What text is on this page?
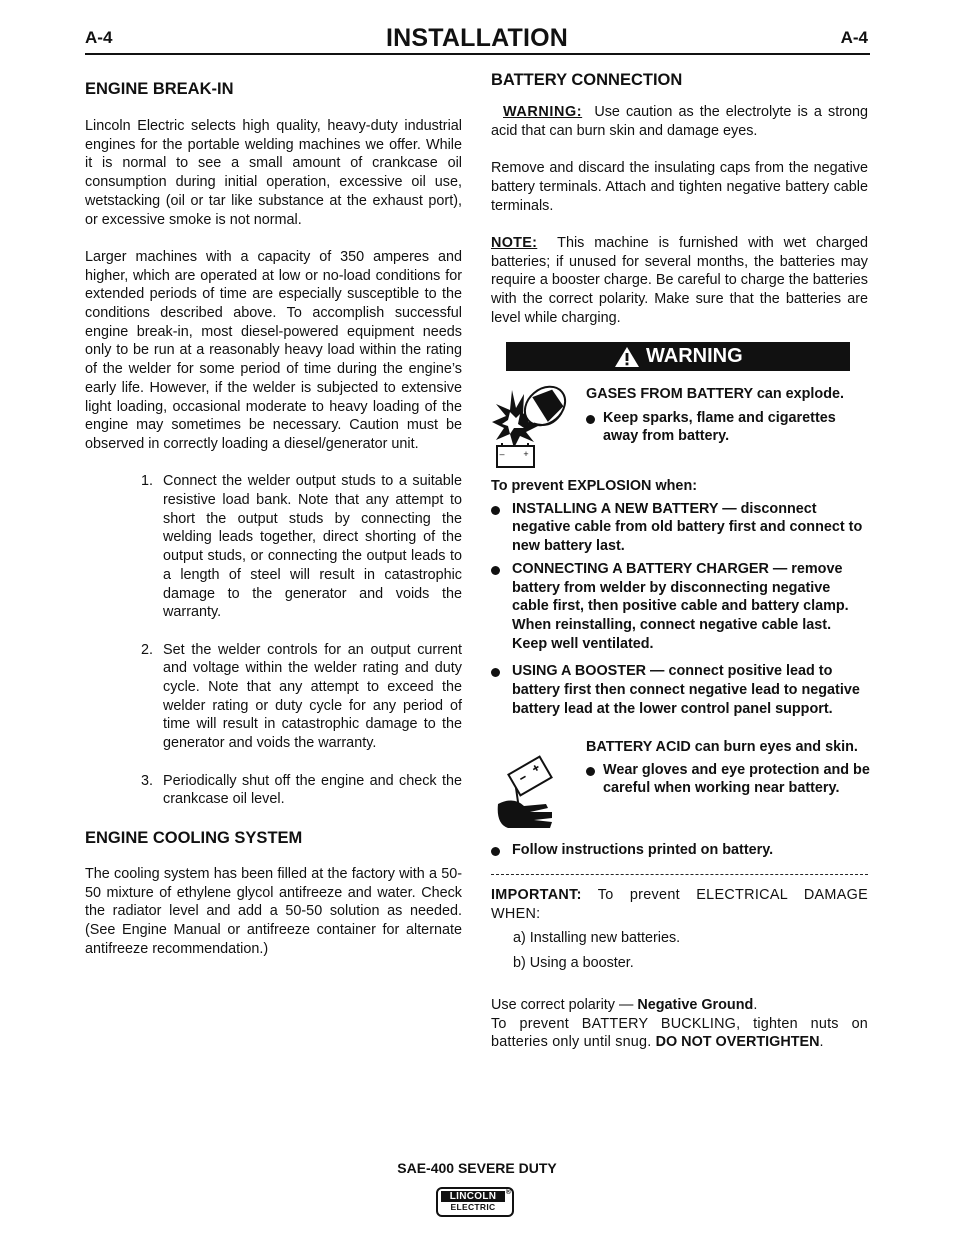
A-4	INSTALLATION	A-4
ENGINE BREAK-IN
Lincoln Electric selects high quality, heavy-duty industrial engines for the portable welding machines we offer. While it is normal to see a small amount of crankcase oil consumption during initial operation, excessive oil use, wetstacking (oil or tar like substance at the exhaust port), or excessive smoke is not normal.
Larger machines with a capacity of 350 amperes and higher, which are operated at low or no-load conditions for extended periods of time are especially susceptible to the conditions described above. To accomplish successful engine break-in, most diesel-powered equipment needs only to be run at a reasonably heavy load within the rating of the welder for some period of time during the engine’s early life. However, if the welder is subjected to extensive light loading, occasional moderate to heavy loading of the engine may sometimes be necessary. Caution must be observed in correctly loading a diesel/generator unit.
1. Connect the welder output studs to a suitable resistive load bank. Note that any attempt to short the output studs by connecting the welding leads together, direct shorting of the output studs, or connecting the output leads to a length of steel will result in catastrophic damage to the generator and voids the warranty.
2. Set the welder controls for an output current and voltage within the welder rating and duty cycle. Note that any attempt to exceed the welder rating or duty cycle for any period of time will result in catastrophic damage to the generator and voids the warranty.
3. Periodically shut off the engine and check the crankcase oil level.
ENGINE COOLING SYSTEM
The cooling system has been filled at the factory with a 50-50 mixture of ethylene glycol antifreeze and water. Check the radiator level and add a 50-50 solution as needed. (See Engine Manual or antifreeze container for alternate antifreeze recommendation.)
BATTERY CONNECTION
WARNING: Use caution as the electrolyte is a strong acid that can burn skin and damage eyes.
Remove and discard the insulating caps from the negative battery terminals. Attach and tighten negative battery cable terminals.
NOTE: This machine is furnished with wet charged batteries; if unused for several months, the batteries may require a booster charge. Be careful to charge the batteries with the correct polarity. Make sure that the batteries are level while charging.
WARNING
– +
GASES FROM BATTERY can explode.
Keep sparks, flame and cigarettes away from battery.
To prevent EXPLOSION when:
INSTALLING A NEW BATTERY — disconnect negative cable from old battery first and connect to new battery last.
CONNECTING A BATTERY CHARGER — remove battery from welder by disconnecting negative cable first, then positive cable and battery clamp. When reinstalling, connect negative cable last. Keep well ventilated.
USING A BOOSTER — connect positive lead to battery first then connect negative lead to negative battery lead at the lower control panel support.
BATTERY ACID can burn eyes and skin.
Wear gloves and eye protection and be careful when working near battery.
Follow instructions printed on battery.
IMPORTANT: To prevent ELECTRICAL DAMAGE WHEN:
a) Installing new batteries.
b) Using a booster.
Use correct polarity — Negative Ground.
To prevent BATTERY BUCKLING, tighten nuts on batteries only until snug. DO NOT OVERTIGHTEN.
SAE-400 SEVERE DUTY
LINCOLN	®
ELECTRIC
